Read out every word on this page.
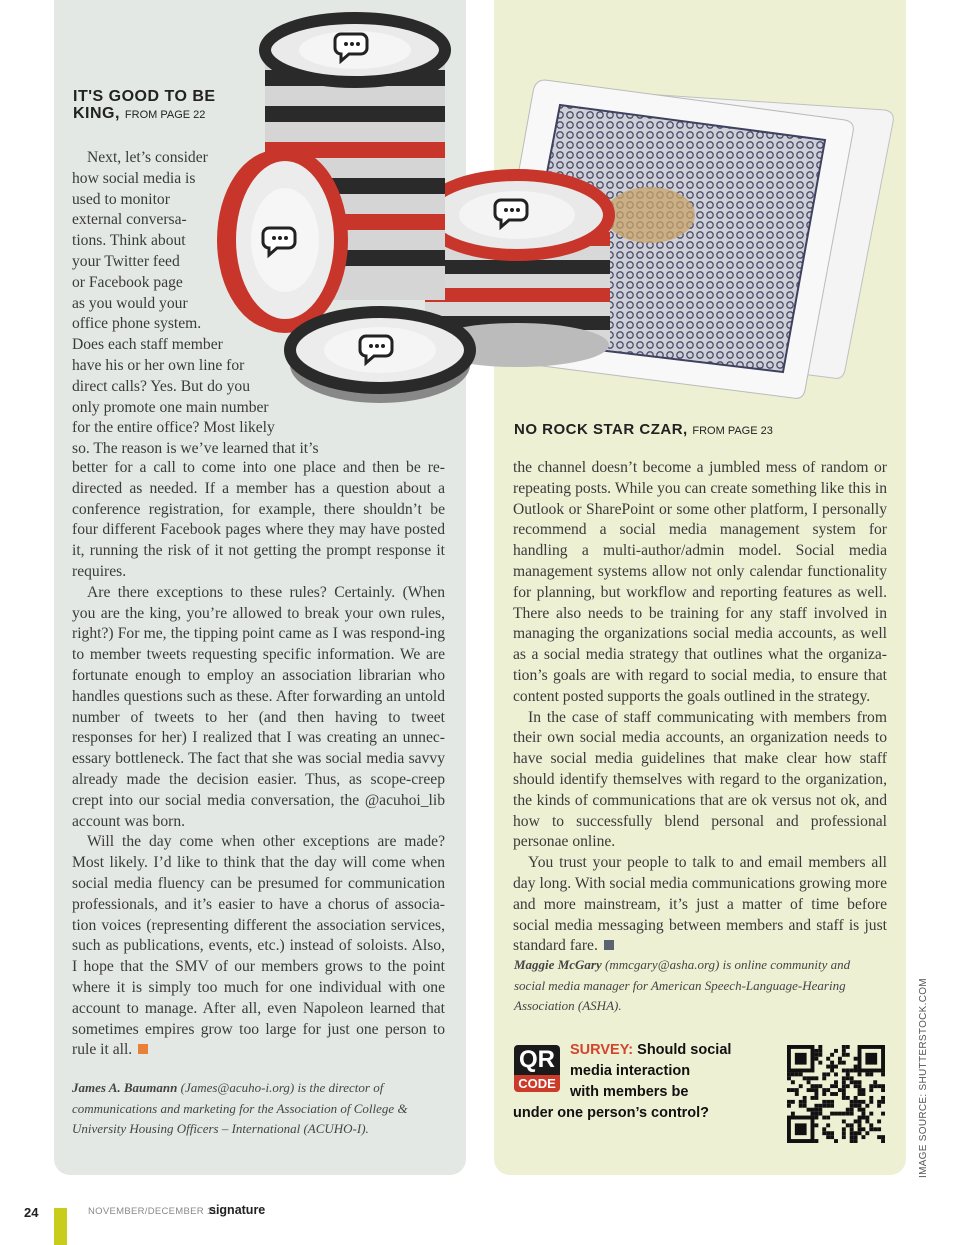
IT'S GOOD TO BE
KING, FROM PAGE 22
Next, let’s consider
how social media is
used to monitor
external conversa-
tions. Think about
your Twitter feed
or Facebook page
as you would your
office phone system.
Does each staff member
have his or her own line for
direct calls? Yes. But do you
only promote one main number
for the entire office? Most likely
so. The reason is we’ve learned that it’s

better for a call to come into one place and then be re-directed as needed. If a member has a question about a conference registration, for example, there shouldn’t be four different Facebook pages where they may have posted it, running the risk of it not getting the prompt response it requires.

Are there exceptions to these rules? Certainly. (When you are the king, you’re allowed to break your own rules, right?) For me, the tipping point came as I was respond-ing to member tweets requesting specific information. We are fortunate enough to employ an association librarian who handles questions such as these. After forwarding an untold number of tweets to her (and then having to tweet responses for her) I realized that I was creating an unnec-essary bottleneck. The fact that she was social media savvy already made the decision easier. Thus, as scope-creep crept into our social media conversation, the @acuhoi_lib account was born.

Will the day come when other exceptions are made? Most likely. I’d like to think that the day will come when social media fluency can be presumed for communication professionals, and it’s easier to have a chorus of associa-tion voices (representing different the association services, such as publications, events, etc.) instead of soloists. Also, I hope that the SMV of our members grows to the point where it is simply too much for one individual with one account to manage. After all, even Napoleon learned that sometimes empires grow too large for just one person to rule it all.

James A. Baumann (James@acuho-i.org) is the director of communications and marketing for the Association of College & University Housing Officers – International (ACUHO-I).
NO ROCK STAR CZAR, FROM PAGE 23

the channel doesn’t become a jumbled mess of random or repeating posts. While you can create something like this in Outlook or SharePoint or some other platform, I personally recommend a social media management system for handling a multi-author/admin model. Social media management systems allow not only calendar functionality for planning, but workflow and reporting features as well. There also needs to be training for any staff involved in managing the organizations social media accounts, as well as a social media strategy that outlines what the organiza-tion’s goals are with regard to social media, to ensure that content posted supports the goals outlined in the strategy.

In the case of staff communicating with members from their own social media accounts, an organization needs to have social media guidelines that make clear how staff should identify themselves with regard to the organization, the kinds of communications that are ok versus not ok, and how to successfully blend personal and professional personae online.

You trust your people to talk to and email members all day long. With social media communications growing more and more mainstream, it’s just a matter of time before social media messaging between members and staff is just standard fare.

Maggie McGary (mmcgary@asha.org) is online community and social media manager for American Speech-Language-Hearing Association (ASHA).
QR
CODE
SURVEY: Should social
media interaction
with members be
under one person’s control?
24	NOVEMBER/DECEMBER 11
signature
IMAGE SOURCE: SHUTTERSTOCK.COM
